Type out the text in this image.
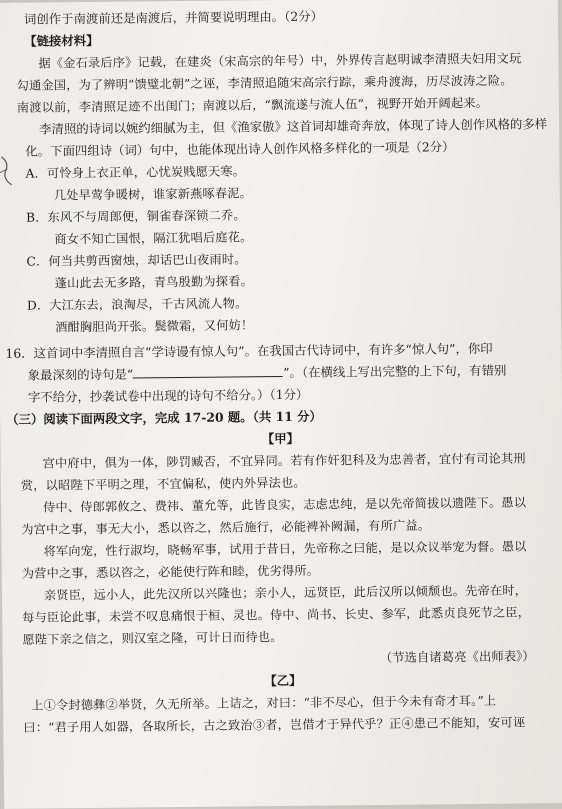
词创作于南渡前还是南渡后，并简要说明理由。（2分）
【链接材料】
据《金石录后序》记载，在建炎（宋高宗的年号）中，外界传言赵明诚李清照夫妇用文玩
勾通金国，为了辨明“馈璧北朝”之诬，李清照追随宋高宗行踪，乘舟渡海，历尽波涛之险。
南渡以前，李清照足迹不出闺门；南渡以后，“飘流遂与流人伍”，视野开始开阔起来。
李清照的诗词以婉约细腻为主，但《渔家傲》这首词却雄奇奔放，体现了诗人创作风格的多样
化。下面四组诗（词）句中，也能体现出诗人创作风格多样化的一项是（2分）
A．可怜身上衣正单，心忧炭贱愿天寒。
几处早莺争暖树，谁家新燕啄春泥。
B．东风不与周郎便，铜雀春深锁二乔。
商女不知亡国恨，隔江犹唱后庭花。
C．何当共剪西窗烛，却话巴山夜雨时。
蓬山此去无多路，青鸟殷勤为探看。
D．大江东去，浪淘尽，千古风流人物。
酒酣胸胆尚开张。鬓微霜，又何妨！
16．这首词中李清照自言“学诗谩有惊人句”。在我国古代诗词中，有许多“惊人句”，你印
象最深刻的诗句是“	”。（在横线上写出完整的上下句，有错别
字不给分，抄袭试卷中出现的诗句不给分。）（1分）
（三）阅读下面两段文字，完成 17-20 题。（共 11 分）
【甲】
宫中府中，俱为一体，陟罚臧否，不宜异同。若有作奸犯科及为忠善者，宜付有司论其刑
赏，以昭陛下平明之理，不宜偏私，使内外异法也。
侍中、侍郎郭攸之、费祎、董允等，此皆良实，志虑忠纯，是以先帝简拔以遗陛下。愚以
为宫中之事，事无大小，悉以咨之，然后施行，必能裨补阙漏，有所广益。
将军向宠，性行淑均，晓畅军事，试用于昔日，先帝称之曰能，是以众议举宠为督。愚以
为营中之事，悉以咨之，必能使行阵和睦，优劣得所。
亲贤臣，远小人，此先汉所以兴隆也；亲小人，远贤臣，此后汉所以倾颓也。先帝在时，
每与臣论此事，未尝不叹息痛恨于桓、灵也。侍中、尚书、长史、参军，此悉贞良死节之臣，
愿陛下亲之信之，则汉室之隆，可计日而待也。
（节选自诸葛亮《出师表》）
【乙】
上①令封德彝②举贤，久无所举。上诘之，对曰：“非不尽心，但于今未有奇才耳。”上
曰：“君子用人如器，各取所长，古之致治③者，岂借才于异代乎？正④患己不能知，安可诬
